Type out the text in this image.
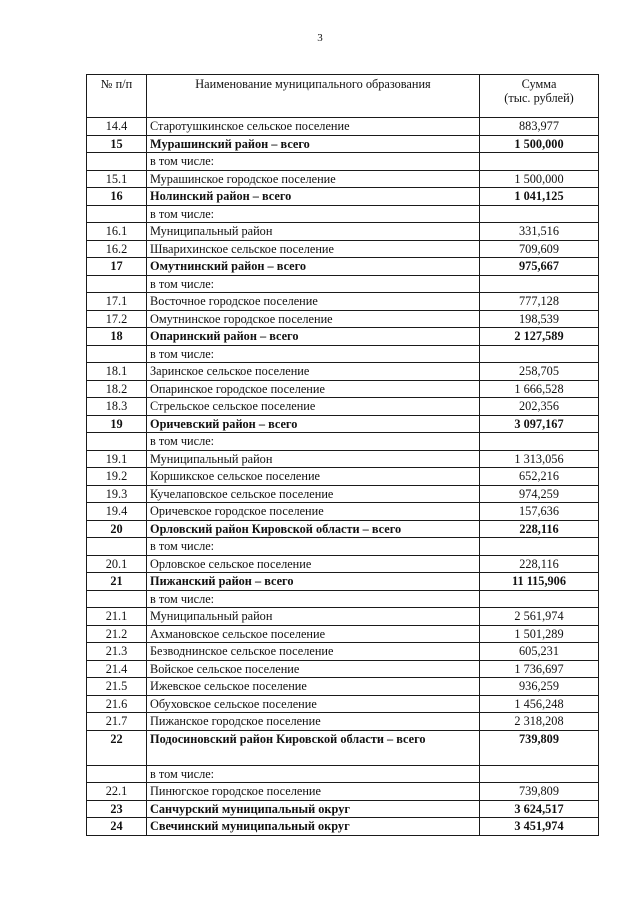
3
№ п/п	Наименование муниципального образования	Сумма
(тыс. рублей)
14.4	Старотушкинское сельское поселение	883,977
15	Мурашинский район – всего	1 500,000
	в том числе:	
15.1	Мурашинское городское поселение	1 500,000
16	Нолинский район – всего	1 041,125
	в том числе:	
16.1	Муниципальный район	331,516
16.2	Шварихинское сельское поселение	709,609
17	Омутнинский район – всего	975,667
	в том числе:	
17.1	Восточное городское поселение	777,128
17.2	Омутнинское городское поселение	198,539
18	Опаринский район – всего	2 127,589
	в том числе:	
18.1	Заринское сельское поселение	258,705
18.2	Опаринское городское поселение	1 666,528
18.3	Стрельское сельское поселение	202,356
19	Оричевский район – всего	3 097,167
	в том числе:	
19.1	Муниципальный район	1 313,056
19.2	Коршикское сельское поселение	652,216
19.3	Кучелаповское сельское поселение	974,259
19.4	Оричевское городское поселение	157,636
20	Орловский район Кировской области – всего	228,116
	в том числе:	
20.1	Орловское сельское поселение	228,116
21	Пижанский район – всего	11 115,906
	в том числе:	
21.1	Муниципальный район	2 561,974
21.2	Ахмановское сельское поселение	1 501,289
21.3	Безводнинское сельское поселение	605,231
21.4	Войское сельское поселение	1 736,697
21.5	Ижевское сельское поселение	936,259
21.6	Обуховское сельское поселение	1 456,248
21.7	Пижанское городское поселение	2 318,208
22	Подосиновский район Кировской области – всего	739,809
	в том числе:	
22.1	Пинюгское городское поселение	739,809
23	Санчурский муниципальный округ	3 624,517
24	Свечинский муниципальный округ	3 451,974
